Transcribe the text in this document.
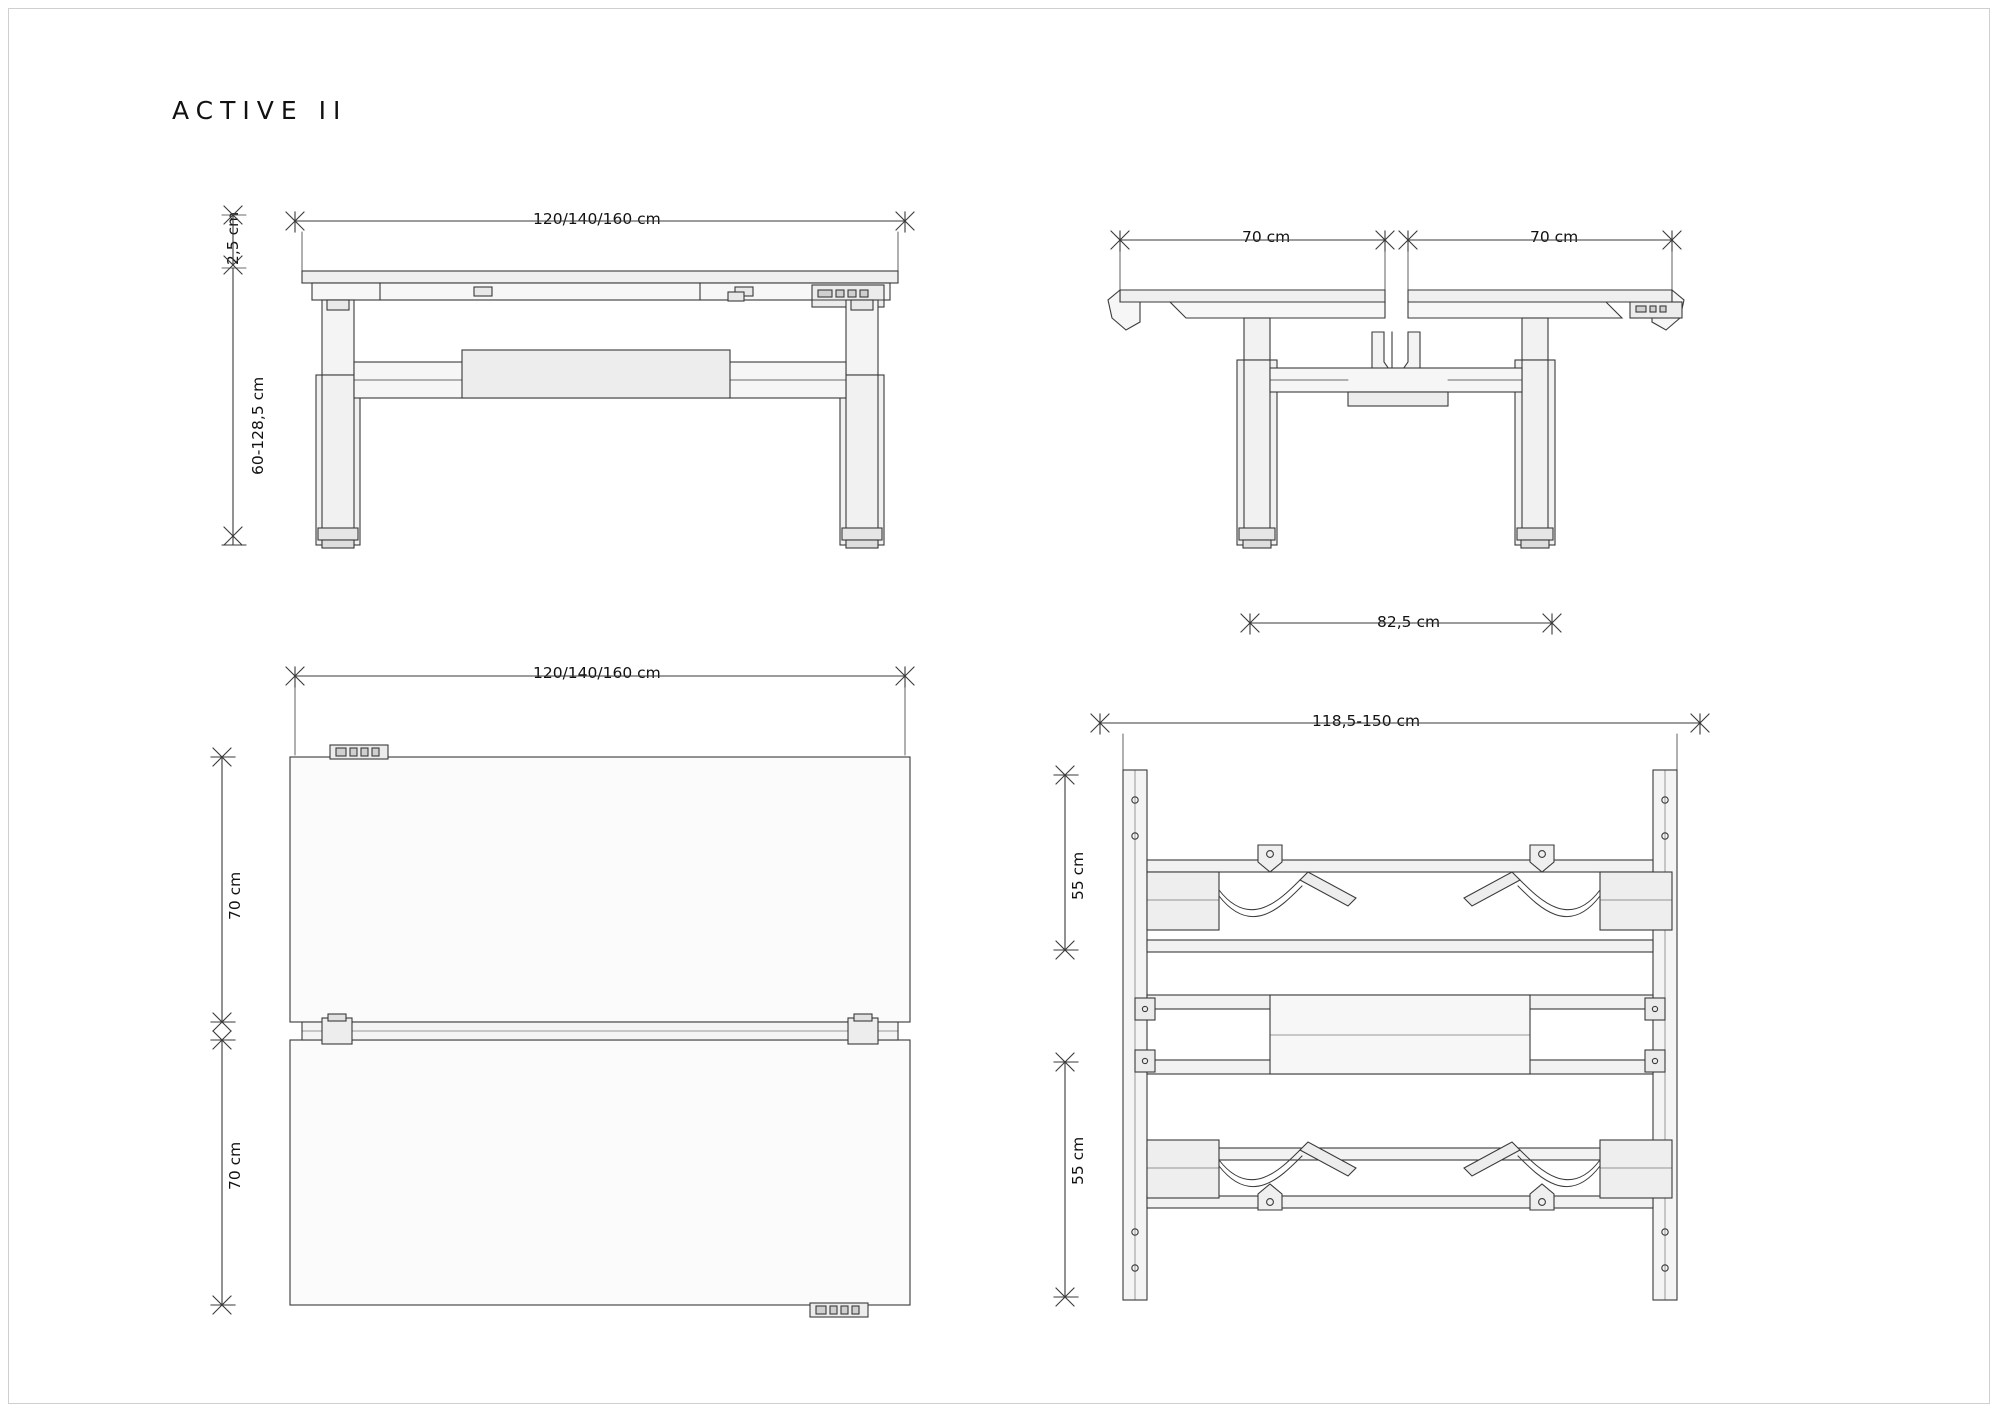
ACTIVE II
120/140/160 cm
2,5 cm
60-128,5 cm
70 cm	70 cm
82,5 cm
120/140/160 cm
70 cm
70 cm
118,5-150 cm
55 cm
55 cm
